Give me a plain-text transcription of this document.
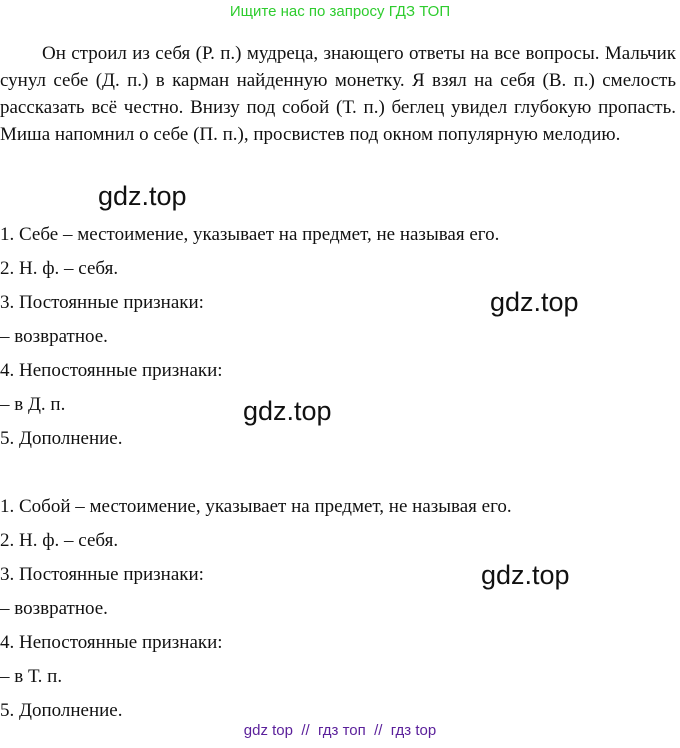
Ищите нас по запросу ГДЗ ТОП
Он строил из себя (Р. п.) мудреца, знающего ответы на все вопросы. Мальчик сунул себе (Д. п.) в карман найденную монетку. Я взял на себя (В. п.) смелость рассказать всё честно. Внизу под собой (Т. п.) беглец увидел глубокую пропасть. Миша напомнил о себе (П. п.), просвистев под окном популярную мелодию.
gdz.top
1. Себе – местоимение, указывает на предмет, не называя его.
2. Н. ф. – себя.
3. Постоянные признаки:	gdz.top
– возвратное.
4. Непостоянные признаки:
– в Д. п.	gdz.top
5. Дополнение.
1. Собой – местоимение, указывает на предмет, не называя его.
2. Н. ф. – себя.
3. Постоянные признаки:	gdz.top
– возвратное.
4. Непостоянные признаки:
– в Т. п.
5. Дополнение.
gdz top  //  гдз топ  //  гдз top
